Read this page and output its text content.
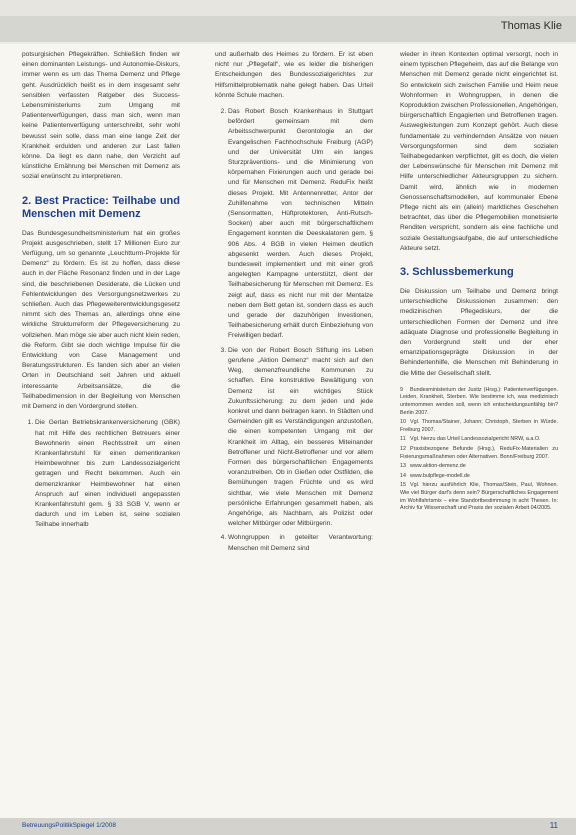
Thomas Klie

potsurgisichen Pflegekräften. Schließlich finden wir einen dominanten Leistungs- und Autonomie-Diskurs, immer wenn es um das Thema Demenz und Pflege geht. Ausdrücklich heißt es in dem insgesamt sehr sensiblen verfassten Ratgeber des Success-Lebensministeriums zum Umgang mit Patientenverfügungen, dass man sich, wenn man keine Patientenverfügung unterschreibt, sehr wohl bewusst sein solle, dass man eine lange Zeit der Krankheit erdulden und anderen zur Last fallen könne. Da liegt es dann nahe, den Verzicht auf künstliche Ernährung bei Menschen mit Demenz als sozial erwünscht zu interpretieren.

2. Best Practice: Teilhabe und Menschen mit Demenz

Das Bundesgesundheitsministerium hat ein großes Projekt ausgeschrieben, stellt 17 Millionen Euro zur Verfügung, um so genannte „Leuchtturm-Projekte für Demenz“ zu fördern. Es ist zu hoffen, dass diese auch in der Fläche Resonanz finden und in der Lage sind, die beschriebenen Desiderate, die Lücken und Fehlentwicklungen des Versorgungsnetzwerkes zu schließen. Auch das Pflegeweiterentwicklungsgesetz nimmt sich des Themas an, allerdings ohne eine wirkliche Strukturreform der Pflegeversicherung zu vollziehen. Man möge sie aber auch nicht klein reden, die Reform. Gibt sie doch wichtige Impulse für die Entwicklung von Case Management und Beratungsstrukturen. Es fanden sich aber an vielen Orten in Deutschland seit Jahren und aktuell interessante Arbeitsansätze, die die Teilhabedimension in der Begleitung von Menschen mit Demenz in den Vordergrund stellen.

1. Die Gerlan Betriebskrankenversicherung (GBK) hat mit Hilfe des rechtlichen Betreuers einer Bewohnerin einen Rechtsstreit um einen Krankenfahrstuhl für einen dementkranken Heimbewohner bis zum Landessozialgericht getragen und Recht bekommen. Auch ein demenzkranker Heimbewohner hat einen Anspruch auf einen individuell angepassten Krankenfahrstuhl gem. § 33 SGB V, wenn er dadurch und im Leben ist, seine sozialen Teilhabe innerhalb

und außerhalb des Heimes zu fördern. Er ist eben nicht nur „Pflegefall“, wie es leider die bisherigen Entscheidungen des Bundessozialgerichtes zur Hilfsmittelproblematik nahe gelegt haben. Das Urteil könnte Schule machen.

2. Das Robert Bosch Krankenhaus in Stuttgart befördert gemeinsam mit dem Arbeitsschwerpunkt Gerontologie an der Evangelischen Fachhochschule Freiburg (AGP) und der Universität Ulm ein langes Sturzpräventions- und die Minimierung von körpernahen Fixierungen auch und gerade bei und für Menschen mit Demenz. ReduFix heißt dieses Projekt. Mit Antennenretter, Antor der Zuhilfenahme von technischen Mitteln (Sensormatten, Hüftprotektoren, Anti-Rutsch-Socken) aber auch mit bürgerschaftlichem Engagement konnten die Deeskalatoren gem. § 906 Abs. 4 BGB in vielen Heimen deutlich abgesenkt werden. Auch dieses Projekt, bundesweit implementiert und mit einer groß angelegten Kampagne unterstützt, dient der Teilhabesicherung für Menschen mit Demenz. Es zeigt auf, dass es nicht nur mit der Mentalze neben dem Bett getan ist, sondern dass es auch und gerade der dazuhörigen Investionen, Teilhabesicherung erhält durch Einbeziehung von Freiwilligen bedarf.
3. Die von der Robert Bosch Stiftung ins Leben gerufene „Aktion Demenz“ macht sich auf den Weg, demenzfreundliche Kommunen zu schaffen. Eine konstruktive Bewältigung von Demenz ist ein wichtiges Stück Zukunftssicherung: zu dem jeden und jede konkret und dann beitragen kann. In Städten und Gemeinden gilt es Verständigungen anzustoßen, die einen kompetenten Umgang mit der Krankheit im Alltag, ein besseres Miteinander Betroffener und Nicht-Betroffener und vor allem Formen des bürgerschaftlichen Engagements voranzutreiben. Ob in Gießen oder Ostfilden, die Bemühungen tragen Früchte und es wird sichtbar, wie viele Menschen mit Demenz persönliche Erfahrungen gesammelt haben, als Angehörige, als Nachbarn, als Polizist oder welcher Mitbürger oder Mitbürgerin.
4. Wohngruppen in geteilter Verantwortung: Menschen mit Demenz sind

wieder in ihren Kontexten optimal versorgt, noch in einem typischen Pflegeheim, das auf die Belange von Menschen mit Demenz gerade nicht eingerichtet ist. So entwickeln sich zwischen Familie und Heim neue Wohnformen in Wohngruppen, in denen die Koproduktion zwischen Professionellen, Angehörigen, bürgerschaftlich Engagierten und Betroffenen tragen. Auswegleistungen zum Konzept gehört. Auch diese fundamentale zu verhindernden Ansätze von neuen Versorgungsformen sind dem sozialen Teilhabegedanken verpflichtet, gilt es doch, die vielen der Lebenswünsche für Menschen mit Demenz mit Hilfe unterschiedlicher Akteursgruppen zu sichern. Damit wird, ähnlich wie in modernen Genossenschaftsmodellen, auf kommunaler Ebene Pflege nicht als ein (allein) marktliches Geschehen betrachtet, das über die Pflegemobilien monetisierte Renditen verspricht, sondern als eine fachliche und soziale Gestaltungsaufgabe, die auf unterschiedliche Akteure setzt.

3. Schlussbemerkung

Die Diskussion um Teilhabe und Demenz bringt unterschiedliche Diskussionen zusammen: den medizinischen Pflegediskurs, der die unterschiedlichen Formen der Demenz und ihre adäquate Diagnose und professionelle Begleitung in den Vordergrund stellt und der eher emanzipationsgeprägte Diskussion in der Behindertenhilfe, die Menschen mit Behinderung in die Mitte der Gesellschaft stellt.

9 Bundesministerium der Justiz (Hrsg.): Patientenverfügungen. Leiden, Krankheit, Sterben. Wie bestimme ich, was medizinisch unternommen werden soll, wenn ich entscheidungsunfähig bin? Berlin 2007.
10 Vgl. Thomas/Stainer, Johann; Christoph, Sterben in Würde. Freiburg 2007.
11 Vgl. hierzu das Urteil Landessozialgericht NRW, a.a.O.
12 Praxisbezogene Befunde (Hrsg.), ReduFix-Materialien zu Fixierungsmaßnahmen oder Alternativen. Bonn/Freiburg 2007.
13 www.aktion-demenz.de
14 www.bulpflege-modell.de
15 Vgl. hierzu ausführlich Klie, Thomas/Stein, Paul, Wohnen. Wie viel Bürger darf's denn sein? Bürgerschaftliches Engagement im Wohlfahrtsmix – eine Standortbestimmung in acht Thesen. In: Archiv für Wissenschaft und Praxis der sozialen Arbeit 04/2005.
BetreuungsPolitikSpiegel 1/2008	11
